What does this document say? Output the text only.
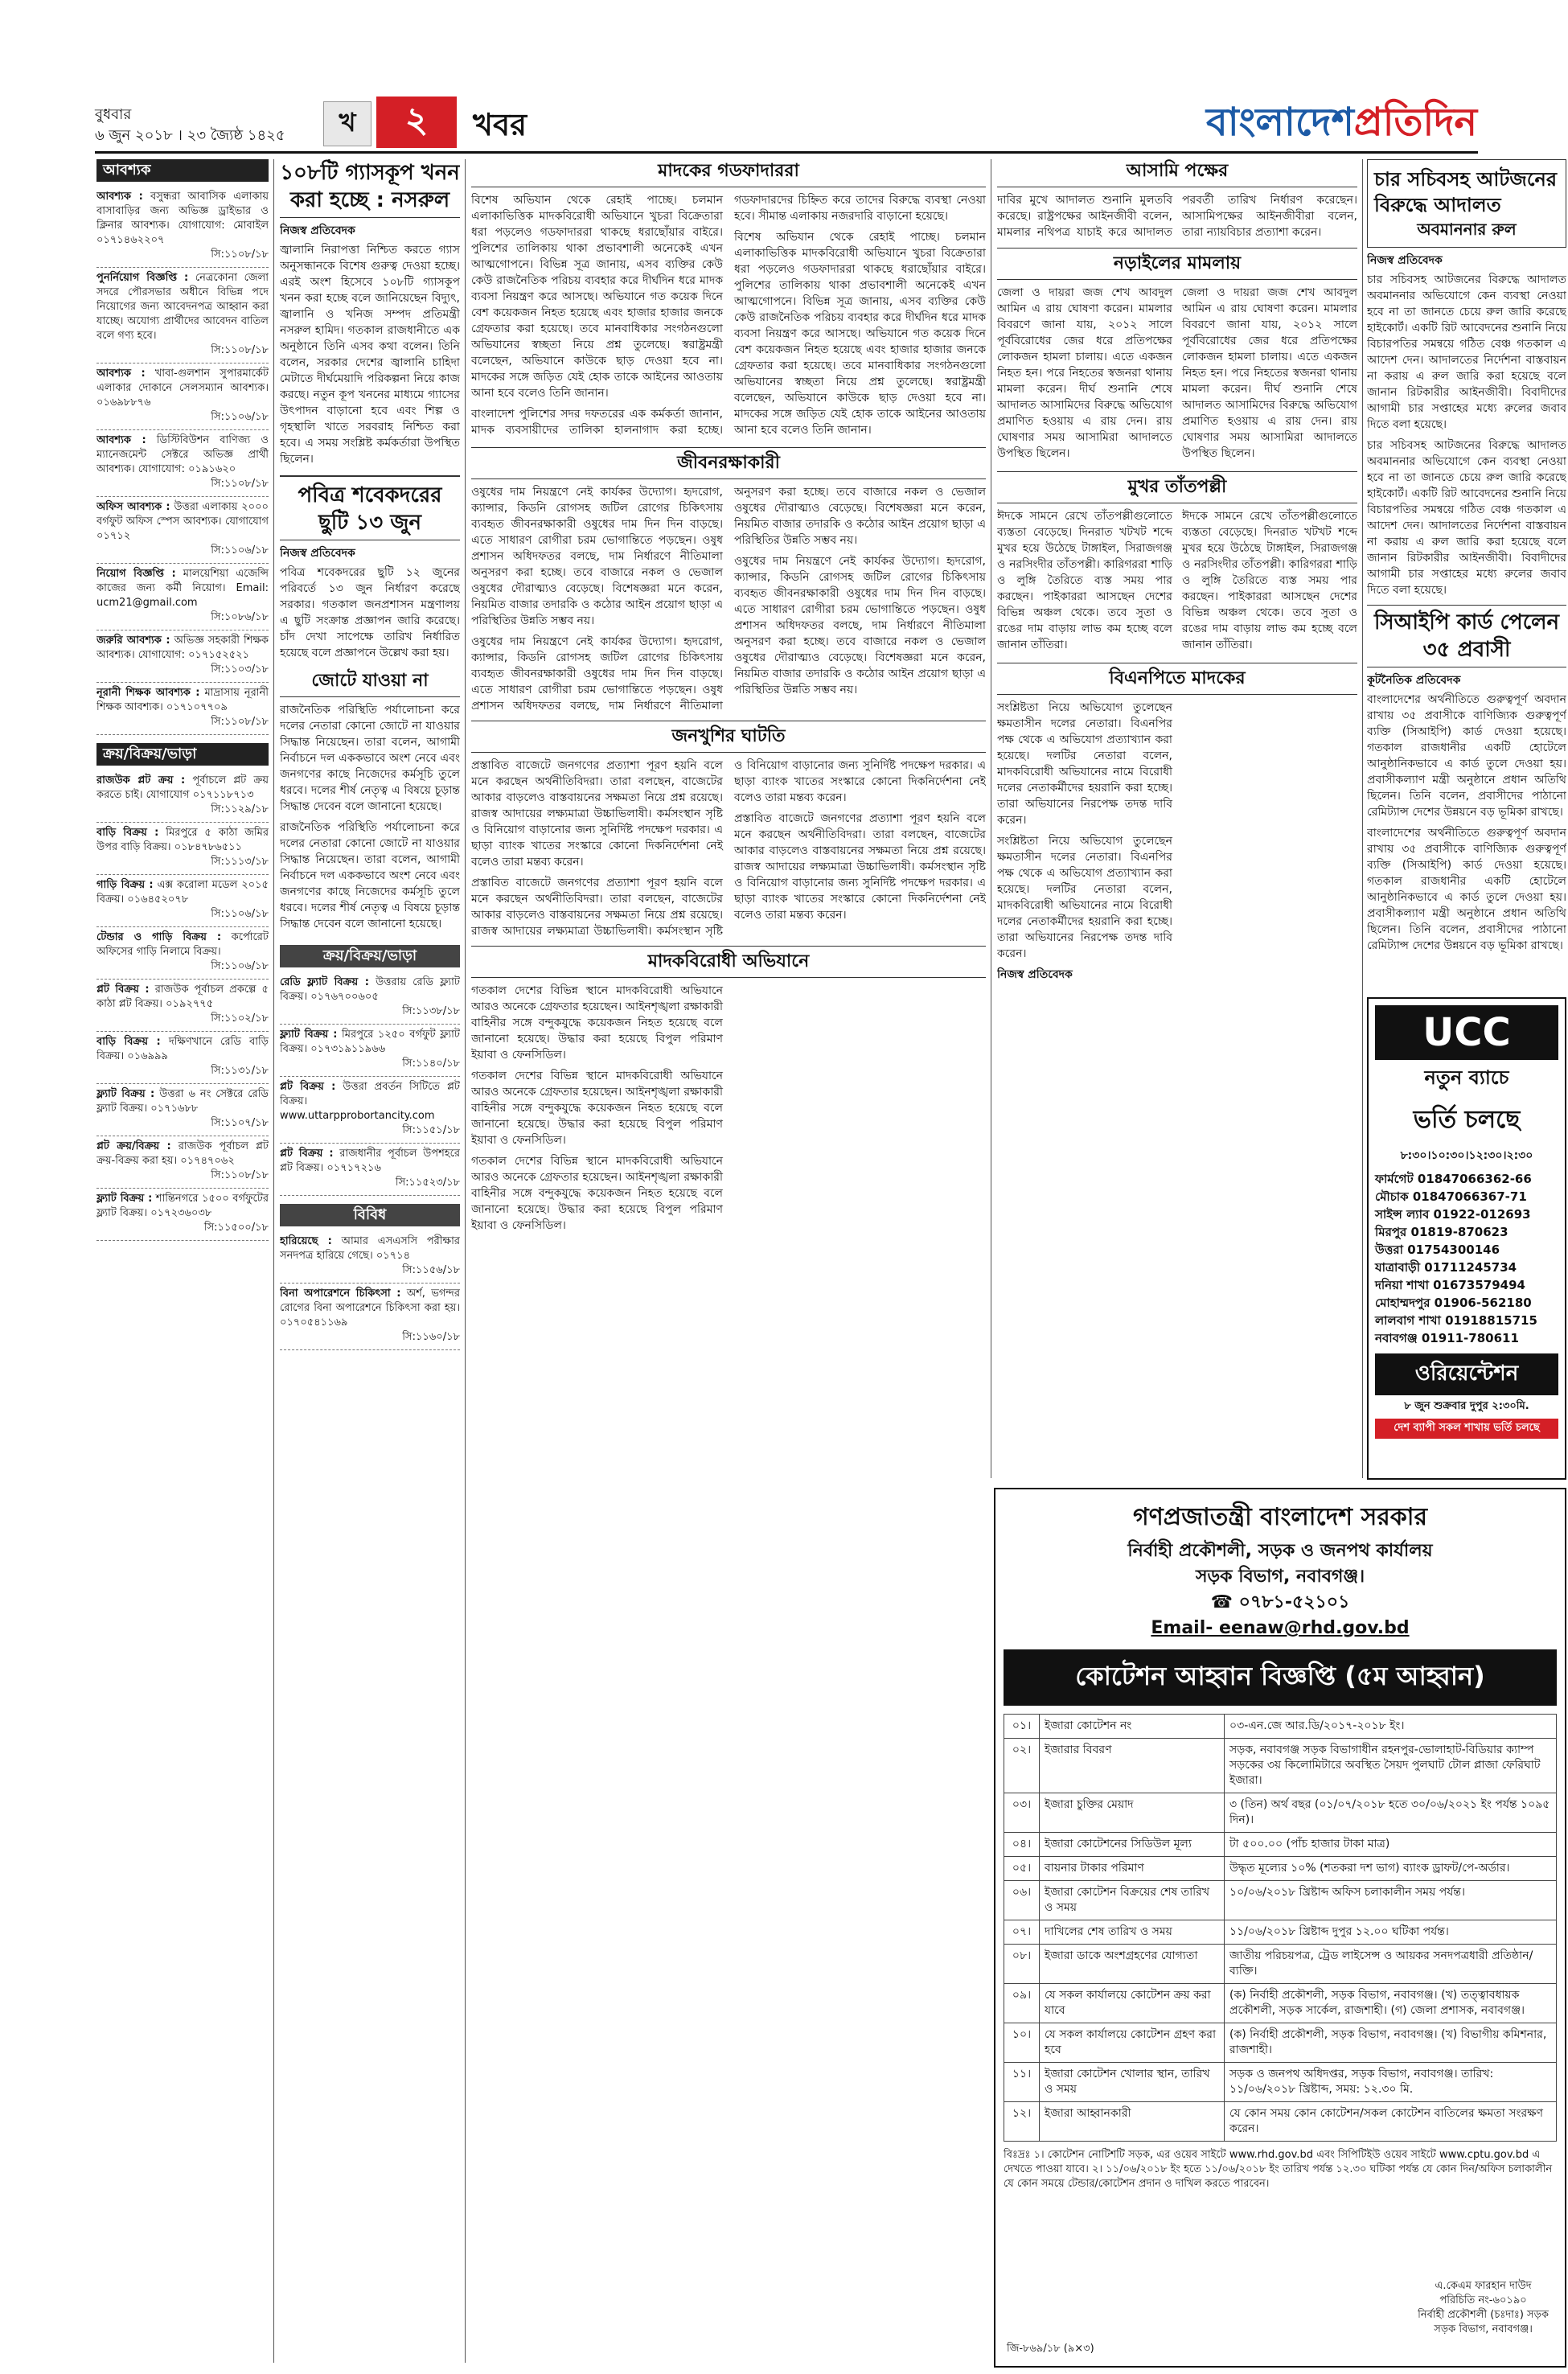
বুধবার
৬ জুন ২০১৮ । ২৩ জ্যৈষ্ঠ ১৪২৫	খ	২	খবর	বাংলাদেশপ্রতিদিন
আবশ্যক
আবশ্যক : বসুন্ধরা আবাসিক এলাকায় বাসাবাড়ির জন্য অভিজ্ঞ ড্রাইভার ও ক্লিনার আবশ্যক। যোগাযোগ: মোবাইল ০১৭১৪৬২২০৭
সি:১১০৮/১৮
পুনর্নিয়োগ বিজ্ঞপ্তি : নেত্রকোনা জেলা সদরে পৌরসভার অধীনে বিভিন্ন পদে নিয়োগের জন্য আবেদনপত্র আহ্বান করা যাচ্ছে। অযোগ্য প্রার্থীদের আবেদন বাতিল বলে গণ্য হবে।
সি:১১০৮/১৮
আবশ্যক : খাবা-গুলশান সুপারমার্কেট এলাকার দোকানে সেলসম্যান আবশ্যক। ০১৬৯৮৮৭৬
সি:১১০৬/১৮
আবশ্যক : ডিস্টিবিউশন বাণিজ্য ও ম্যানেজমেন্ট সেক্টরে অভিজ্ঞ প্রার্থী আবশ্যক। যোগাযোগ: ০১৯১৬২০
সি:১১০৮/১৮
অফিস আবশ্যক : উত্তরা এলাকায় ২০০০ বর্গফুট অফিস স্পেস আবশ্যক। যোগাযোগ ০১৭১২
সি:১১০৬/১৮
নিয়োগ বিজ্ঞপ্তি : মালয়েশিয়া এজেন্সি কাজের জন্য কর্মী নিয়োগ। Email: ucm21@gmail.com
সি:১০৮৬/১৮
জরুরি আবশ্যক : অভিজ্ঞ সহকারী শিক্ষক আবশ্যক। যোগাযোগ: ০১৭১৫২৫২১
সি:১১০৩/১৮
নূরানী শিক্ষক আবশ্যক : মাদ্রাসায় নূরানী শিক্ষক আবশ্যক। ০১৭১০৭৭০৯
সি:১১০৮/১৮
ক্রয়/বিক্রয়/ভাড়া
রাজউক প্লট ক্রয় : পূর্বাচলে প্লট ক্রয় করতে চাই। যোগাযোগ ০১৭১১৮৭১৩
সি:১১২৯/১৮
বাড়ি বিক্রয় : মিরপুরে ৫ কাঠা জমির উপর বাড়ি বিক্রয়। ০১৮৪৭৮৬৫১১
সি:১১১৩/১৮
গাড়ি বিক্রয় : এক্স করোলা মডেল ২০১৫ বিক্রয়। ০১৬৪৫২০৭৮
সি:১১০৬/১৮
টেন্ডার ও গাড়ি বিক্রয় : কর্পোরেট অফিসের গাড়ি নিলামে বিক্রয়।
সি:১১০৬/১৮
প্লট বিক্রয় : রাজউক পূর্বাচল প্রকল্পে ৫ কাঠা প্লট বিক্রয়। ০১৯২৭৭৫
সি:১১০২/১৮
বাড়ি বিক্রয় : দক্ষিণখানে রেডি বাড়ি বিক্রয়। ০১৬৯৯৯
সি:১১৩১/১৮
ফ্ল্যাট বিক্রয় : উত্তরা ৬ নং সেক্টরে রেডি ফ্ল্যাট বিক্রয়। ০১৭১৬৮৮
সি:১১০৭/১৮
প্লট ক্রয়/বিক্রয় : রাজউক পূর্বাচল প্লট ক্রয়-বিক্রয় করা হয়। ০১৭৪৭০৬২
সি:১১০৮/১৮
ফ্ল্যাট বিক্রয় : শান্তিনগরে ১৫০০ বর্গফুটের ফ্ল্যাট বিক্রয়। ০১৭২৩৬০৩৮
সি:১১৫০০/১৮
১০৮টি গ্যাসকূপ খনন করা হচ্ছে : নসরুল
নিজস্ব প্রতিবেদক

জ্বালানি নিরাপত্তা নিশ্চিত করতে গ্যাস অনুসন্ধানকে বিশেষ গুরুত্ব দেওয়া হচ্ছে। এরই অংশ হিসেবে ১০৮টি গ্যাসকূপ খনন করা হচ্ছে বলে জানিয়েছেন বিদ্যুৎ, জ্বালানি ও খনিজ সম্পদ প্রতিমন্ত্রী নসরুল হামিদ। গতকাল রাজধানীতে এক অনুষ্ঠানে তিনি এসব কথা বলেন। তিনি বলেন, সরকার দেশের জ্বালানি চাহিদা মেটাতে দীর্ঘমেয়াদি পরিকল্পনা নিয়ে কাজ করছে। নতুন কূপ খননের মাধ্যমে গ্যাসের উৎপাদন বাড়ানো হবে এবং শিল্প ও গৃহস্থালি খাতে সরবরাহ নিশ্চিত করা হবে। এ সময় সংশ্লিষ্ট কর্মকর্তারা উপস্থিত ছিলেন।

পবিত্র শবেকদরের ছুটি ১৩ জুন
নিজস্ব প্রতিবেদক

পবিত্র শবেকদরের ছুটি ১২ জুনের পরিবর্তে ১৩ জুন নির্ধারণ করেছে সরকার। গতকাল জনপ্রশাসন মন্ত্রণালয় এ ছুটি সংক্রান্ত প্রজ্ঞাপন জারি করেছে। চাঁদ দেখা সাপেক্ষে তারিখ নির্ধারিত হয়েছে বলে প্রজ্ঞাপনে উল্লেখ করা হয়।

জোটে যাওয়া না

রাজনৈতিক পরিস্থিতি পর্যালোচনা করে দলের নেতারা কোনো জোটে না যাওয়ার সিদ্ধান্ত নিয়েছেন। তারা বলেন, আগামী নির্বাচনে দল এককভাবে অংশ নেবে এবং জনগণের কাছে নিজেদের কর্মসূচি তুলে ধরবে। দলের শীর্ষ নেতৃত্ব এ বিষয়ে চূড়ান্ত সিদ্ধান্ত দেবেন বলে জানানো হয়েছে।

রাজনৈতিক পরিস্থিতি পর্যালোচনা করে দলের নেতারা কোনো জোটে না যাওয়ার সিদ্ধান্ত নিয়েছেন। তারা বলেন, আগামী নির্বাচনে দল এককভাবে অংশ নেবে এবং জনগণের কাছে নিজেদের কর্মসূচি তুলে ধরবে। দলের শীর্ষ নেতৃত্ব এ বিষয়ে চূড়ান্ত সিদ্ধান্ত দেবেন বলে জানানো হয়েছে।

ক্রয়/বিক্রয়/ভাড়া
রেডি ফ্ল্যাট বিক্রয় : উত্তরায় রেডি ফ্ল্যাট বিক্রয়। ০১৭৬৭০০৬০৫
সি:১১৩৮/১৮
ফ্ল্যাট বিক্রয় : মিরপুরে ১২৫০ বর্গফুট ফ্ল্যাট বিক্রয়। ০১৭৩১৯১১৯৬৬
সি:১১৪০/১৮
প্লট বিক্রয় : উত্তরা প্রবর্তন সিটিতে প্লট বিক্রয়। www.uttarpprobortancity.com
সি:১১৫১/১৮
প্লট বিক্রয় : রাজধানীর পূর্বাচল উপশহরে প্লট বিক্রয়। ০১৭১৭২১৬
সি:১১৫২৩/১৮
বিবিধ
হারিয়েছে : আমার এসএসসি পরীক্ষার সনদপত্র হারিয়ে গেছে। ০১৭১৪
সি:১১৫৬/১৮
বিনা অপারেশনে চিকিৎসা : অর্শ, ভগন্দর রোগের বিনা অপারেশনে চিকিৎসা করা হয়। ০১৭০৫৪১১৬৯
সি:১১৬০/১৮
মাদকের গডফাদাররা

বিশেষ অভিযান থেকে রেহাই পাচ্ছে। চলমান এলাকাভিত্তিক মাদকবিরোধী অভিযানে খুচরা বিক্রেতারা ধরা পড়লেও গডফাদাররা থাকছে ধরাছোঁয়ার বাইরে। পুলিশের তালিকায় থাকা প্রভাবশালী অনেকেই এখন আত্মগোপনে। বিভিন্ন সূত্র জানায়, এসব ব্যক্তির কেউ কেউ রাজনৈতিক পরিচয় ব্যবহার করে দীর্ঘদিন ধরে মাদক ব্যবসা নিয়ন্ত্রণ করে আসছে। অভিযানে গত কয়েক দিনে বেশ কয়েকজন নিহত হয়েছে এবং হাজার হাজার জনকে গ্রেফতার করা হয়েছে। তবে মানবাধিকার সংগঠনগুলো অভিযানের স্বচ্ছতা নিয়ে প্রশ্ন তুলেছে। স্বরাষ্ট্রমন্ত্রী বলেছেন, অভিযানে কাউকে ছাড় দেওয়া হবে না। মাদকের সঙ্গে জড়িত যেই হোক তাকে আইনের আওতায় আনা হবে বলেও তিনি জানান।

বাংলাদেশ পুলিশের সদর দফতরের এক কর্মকর্তা জানান, মাদক ব্যবসায়ীদের তালিকা হালনাগাদ করা হচ্ছে। গডফাদারদের চিহ্নিত করে তাদের বিরুদ্ধে ব্যবস্থা নেওয়া হবে। সীমান্ত এলাকায় নজরদারি বাড়ানো হয়েছে।

বিশেষ অভিযান থেকে রেহাই পাচ্ছে। চলমান এলাকাভিত্তিক মাদকবিরোধী অভিযানে খুচরা বিক্রেতারা ধরা পড়লেও গডফাদাররা থাকছে ধরাছোঁয়ার বাইরে। পুলিশের তালিকায় থাকা প্রভাবশালী অনেকেই এখন আত্মগোপনে। বিভিন্ন সূত্র জানায়, এসব ব্যক্তির কেউ কেউ রাজনৈতিক পরিচয় ব্যবহার করে দীর্ঘদিন ধরে মাদক ব্যবসা নিয়ন্ত্রণ করে আসছে। অভিযানে গত কয়েক দিনে বেশ কয়েকজন নিহত হয়েছে এবং হাজার হাজার জনকে গ্রেফতার করা হয়েছে। তবে মানবাধিকার সংগঠনগুলো অভিযানের স্বচ্ছতা নিয়ে প্রশ্ন তুলেছে। স্বরাষ্ট্রমন্ত্রী বলেছেন, অভিযানে কাউকে ছাড় দেওয়া হবে না। মাদকের সঙ্গে জড়িত যেই হোক তাকে আইনের আওতায় আনা হবে বলেও তিনি জানান।

জীবনরক্ষাকারী

ওষুধের দাম নিয়ন্ত্রণে নেই কার্যকর উদ্যোগ। হৃদরোগ, ক্যান্সার, কিডনি রোগসহ জটিল রোগের চিকিৎসায় ব্যবহৃত জীবনরক্ষাকারী ওষুধের দাম দিন দিন বাড়ছে। এতে সাধারণ রোগীরা চরম ভোগান্তিতে পড়ছেন। ওষুধ প্রশাসন অধিদফতর বলছে, দাম নির্ধারণে নীতিমালা অনুসরণ করা হচ্ছে। তবে বাজারে নকল ও ভেজাল ওষুধের দৌরাত্ম্যও বেড়েছে। বিশেষজ্ঞরা মনে করেন, নিয়মিত বাজার তদারকি ও কঠোর আইন প্রয়োগ ছাড়া এ পরিস্থিতির উন্নতি সম্ভব নয়।

ওষুধের দাম নিয়ন্ত্রণে নেই কার্যকর উদ্যোগ। হৃদরোগ, ক্যান্সার, কিডনি রোগসহ জটিল রোগের চিকিৎসায় ব্যবহৃত জীবনরক্ষাকারী ওষুধের দাম দিন দিন বাড়ছে। এতে সাধারণ রোগীরা চরম ভোগান্তিতে পড়ছেন। ওষুধ প্রশাসন অধিদফতর বলছে, দাম নির্ধারণে নীতিমালা অনুসরণ করা হচ্ছে। তবে বাজারে নকল ও ভেজাল ওষুধের দৌরাত্ম্যও বেড়েছে। বিশেষজ্ঞরা মনে করেন, নিয়মিত বাজার তদারকি ও কঠোর আইন প্রয়োগ ছাড়া এ পরিস্থিতির উন্নতি সম্ভব নয়।

ওষুধের দাম নিয়ন্ত্রণে নেই কার্যকর উদ্যোগ। হৃদরোগ, ক্যান্সার, কিডনি রোগসহ জটিল রোগের চিকিৎসায় ব্যবহৃত জীবনরক্ষাকারী ওষুধের দাম দিন দিন বাড়ছে। এতে সাধারণ রোগীরা চরম ভোগান্তিতে পড়ছেন। ওষুধ প্রশাসন অধিদফতর বলছে, দাম নির্ধারণে নীতিমালা অনুসরণ করা হচ্ছে। তবে বাজারে নকল ও ভেজাল ওষুধের দৌরাত্ম্যও বেড়েছে। বিশেষজ্ঞরা মনে করেন, নিয়মিত বাজার তদারকি ও কঠোর আইন প্রয়োগ ছাড়া এ পরিস্থিতির উন্নতি সম্ভব নয়।

জনখুশির ঘাটতি

প্রস্তাবিত বাজেটে জনগণের প্রত্যাশা পূরণ হয়নি বলে মনে করছেন অর্থনীতিবিদরা। তারা বলছেন, বাজেটের আকার বাড়লেও বাস্তবায়নের সক্ষমতা নিয়ে প্রশ্ন রয়েছে। রাজস্ব আদায়ের লক্ষ্যমাত্রা উচ্চাভিলাষী। কর্মসংস্থান সৃষ্টি ও বিনিয়োগ বাড়ানোর জন্য সুনির্দিষ্ট পদক্ষেপ দরকার। এ ছাড়া ব্যাংক খাতের সংস্কারে কোনো দিকনির্দেশনা নেই বলেও তারা মন্তব্য করেন।

প্রস্তাবিত বাজেটে জনগণের প্রত্যাশা পূরণ হয়নি বলে মনে করছেন অর্থনীতিবিদরা। তারা বলছেন, বাজেটের আকার বাড়লেও বাস্তবায়নের সক্ষমতা নিয়ে প্রশ্ন রয়েছে। রাজস্ব আদায়ের লক্ষ্যমাত্রা উচ্চাভিলাষী। কর্মসংস্থান সৃষ্টি ও বিনিয়োগ বাড়ানোর জন্য সুনির্দিষ্ট পদক্ষেপ দরকার। এ ছাড়া ব্যাংক খাতের সংস্কারে কোনো দিকনির্দেশনা নেই বলেও তারা মন্তব্য করেন।

প্রস্তাবিত বাজেটে জনগণের প্রত্যাশা পূরণ হয়নি বলে মনে করছেন অর্থনীতিবিদরা। তারা বলছেন, বাজেটের আকার বাড়লেও বাস্তবায়নের সক্ষমতা নিয়ে প্রশ্ন রয়েছে। রাজস্ব আদায়ের লক্ষ্যমাত্রা উচ্চাভিলাষী। কর্মসংস্থান সৃষ্টি ও বিনিয়োগ বাড়ানোর জন্য সুনির্দিষ্ট পদক্ষেপ দরকার। এ ছাড়া ব্যাংক খাতের সংস্কারে কোনো দিকনির্দেশনা নেই বলেও তারা মন্তব্য করেন।

মাদকবিরোধী অভিযানে

গতকাল দেশের বিভিন্ন স্থানে মাদকবিরোধী অভিযানে আরও অনেকে গ্রেফতার হয়েছেন। আইনশৃঙ্খলা রক্ষাকারী বাহিনীর সঙ্গে বন্দুকযুদ্ধে কয়েকজন নিহত হয়েছে বলে জানানো হয়েছে। উদ্ধার করা হয়েছে বিপুল পরিমাণ ইয়াবা ও ফেনসিডিল।

গতকাল দেশের বিভিন্ন স্থানে মাদকবিরোধী অভিযানে আরও অনেকে গ্রেফতার হয়েছেন। আইনশৃঙ্খলা রক্ষাকারী বাহিনীর সঙ্গে বন্দুকযুদ্ধে কয়েকজন নিহত হয়েছে বলে জানানো হয়েছে। উদ্ধার করা হয়েছে বিপুল পরিমাণ ইয়াবা ও ফেনসিডিল।

গতকাল দেশের বিভিন্ন স্থানে মাদকবিরোধী অভিযানে আরও অনেকে গ্রেফতার হয়েছেন। আইনশৃঙ্খলা রক্ষাকারী বাহিনীর সঙ্গে বন্দুকযুদ্ধে কয়েকজন নিহত হয়েছে বলে জানানো হয়েছে। উদ্ধার করা হয়েছে বিপুল পরিমাণ ইয়াবা ও ফেনসিডিল।

আসামি পক্ষের

দাবির মুখে আদালত শুনানি মুলতবি করেছে। রাষ্ট্রপক্ষের আইনজীবী বলেন, মামলার নথিপত্র যাচাই করে আদালত পরবর্তী তারিখ নির্ধারণ করেছেন। আসামিপক্ষের আইনজীবীরা বলেন, তারা ন্যায়বিচার প্রত্যাশা করেন।

নড়াইলের মামলায়

জেলা ও দায়রা জজ শেখ আবদুল আমিন এ রায় ঘোষণা করেন। মামলার বিবরণে জানা যায়, ২০১২ সালে পূর্ববিরোধের জের ধরে প্রতিপক্ষের লোকজন হামলা চালায়। এতে একজন নিহত হন। পরে নিহতের স্বজনরা থানায় মামলা করেন। দীর্ঘ শুনানি শেষে আদালত আসামিদের বিরুদ্ধে অভিযোগ প্রমাণিত হওয়ায় এ রায় দেন। রায় ঘোষণার সময় আসামিরা আদালতে উপস্থিত ছিলেন।

জেলা ও দায়রা জজ শেখ আবদুল আমিন এ রায় ঘোষণা করেন। মামলার বিবরণে জানা যায়, ২০১২ সালে পূর্ববিরোধের জের ধরে প্রতিপক্ষের লোকজন হামলা চালায়। এতে একজন নিহত হন। পরে নিহতের স্বজনরা থানায় মামলা করেন। দীর্ঘ শুনানি শেষে আদালত আসামিদের বিরুদ্ধে অভিযোগ প্রমাণিত হওয়ায় এ রায় দেন। রায় ঘোষণার সময় আসামিরা আদালতে উপস্থিত ছিলেন।

মুখর তাঁতপল্লী

ঈদকে সামনে রেখে তাঁতপল্লীগুলোতে ব্যস্ততা বেড়েছে। দিনরাত খটখট শব্দে মুখর হয়ে উঠেছে টাঙ্গাইল, সিরাজগঞ্জ ও নরসিংদীর তাঁতপল্লী। কারিগররা শাড়ি ও লুঙ্গি তৈরিতে ব্যস্ত সময় পার করছেন। পাইকাররা আসছেন দেশের বিভিন্ন অঞ্চল থেকে। তবে সুতা ও রঙের দাম বাড়ায় লাভ কম হচ্ছে বলে জানান তাঁতিরা।

ঈদকে সামনে রেখে তাঁতপল্লীগুলোতে ব্যস্ততা বেড়েছে। দিনরাত খটখট শব্দে মুখর হয়ে উঠেছে টাঙ্গাইল, সিরাজগঞ্জ ও নরসিংদীর তাঁতপল্লী। কারিগররা শাড়ি ও লুঙ্গি তৈরিতে ব্যস্ত সময় পার করছেন। পাইকাররা আসছেন দেশের বিভিন্ন অঞ্চল থেকে। তবে সুতা ও রঙের দাম বাড়ায় লাভ কম হচ্ছে বলে জানান তাঁতিরা।

বিএনপিতে মাদকের

সংশ্লিষ্টতা নিয়ে অভিযোগ তুলেছেন ক্ষমতাসীন দলের নেতারা। বিএনপির পক্ষ থেকে এ অভিযোগ প্রত্যাখ্যান করা হয়েছে। দলটির নেতারা বলেন, মাদকবিরোধী অভিযানের নামে বিরোধী দলের নেতাকর্মীদের হয়রানি করা হচ্ছে। তারা অভিযানের নিরপেক্ষ তদন্ত দাবি করেন।

সংশ্লিষ্টতা নিয়ে অভিযোগ তুলেছেন ক্ষমতাসীন দলের নেতারা। বিএনপির পক্ষ থেকে এ অভিযোগ প্রত্যাখ্যান করা হয়েছে। দলটির নেতারা বলেন, মাদকবিরোধী অভিযানের নামে বিরোধী দলের নেতাকর্মীদের হয়রানি করা হচ্ছে। তারা অভিযানের নিরপেক্ষ তদন্ত দাবি করেন।

নিজস্ব প্রতিবেদক
চার সচিবসহ আটজনের
বিরুদ্ধে আদালত
অবমাননার রুল
নিজস্ব প্রতিবেদক

চার সচিবসহ আটজনের বিরুদ্ধে আদালত অবমাননার অভিযোগে কেন ব্যবস্থা নেওয়া হবে না তা জানতে চেয়ে রুল জারি করেছে হাইকোর্ট। একটি রিট আবেদনের শুনানি নিয়ে বিচারপতির সমন্বয়ে গঠিত বেঞ্চ গতকাল এ আদেশ দেন। আদালতের নির্দেশনা বাস্তবায়ন না করায় এ রুল জারি করা হয়েছে বলে জানান রিটকারীর আইনজীবী। বিবাদীদের আগামী চার সপ্তাহের মধ্যে রুলের জবাব দিতে বলা হয়েছে।

চার সচিবসহ আটজনের বিরুদ্ধে আদালত অবমাননার অভিযোগে কেন ব্যবস্থা নেওয়া হবে না তা জানতে চেয়ে রুল জারি করেছে হাইকোর্ট। একটি রিট আবেদনের শুনানি নিয়ে বিচারপতির সমন্বয়ে গঠিত বেঞ্চ গতকাল এ আদেশ দেন। আদালতের নির্দেশনা বাস্তবায়ন না করায় এ রুল জারি করা হয়েছে বলে জানান রিটকারীর আইনজীবী। বিবাদীদের আগামী চার সপ্তাহের মধ্যে রুলের জবাব দিতে বলা হয়েছে।

সিআইপি কার্ড পেলেন ৩৫ প্রবাসী
কূটনৈতিক প্রতিবেদক

বাংলাদেশের অর্থনীতিতে গুরুত্বপূর্ণ অবদান রাখায় ৩৫ প্রবাসীকে বাণিজ্যিক গুরুত্বপূর্ণ ব্যক্তি (সিআইপি) কার্ড দেওয়া হয়েছে। গতকাল রাজধানীর একটি হোটেলে আনুষ্ঠানিকভাবে এ কার্ড তুলে দেওয়া হয়। প্রবাসীকল্যাণ মন্ত্রী অনুষ্ঠানে প্রধান অতিথি ছিলেন। তিনি বলেন, প্রবাসীদের পাঠানো রেমিট্যান্স দেশের উন্নয়নে বড় ভূমিকা রাখছে।

বাংলাদেশের অর্থনীতিতে গুরুত্বপূর্ণ অবদান রাখায় ৩৫ প্রবাসীকে বাণিজ্যিক গুরুত্বপূর্ণ ব্যক্তি (সিআইপি) কার্ড দেওয়া হয়েছে। গতকাল রাজধানীর একটি হোটেলে আনুষ্ঠানিকভাবে এ কার্ড তুলে দেওয়া হয়। প্রবাসীকল্যাণ মন্ত্রী অনুষ্ঠানে প্রধান অতিথি ছিলেন। তিনি বলেন, প্রবাসীদের পাঠানো রেমিট্যান্স দেশের উন্নয়নে বড় ভূমিকা রাখছে।

UCC
নতুন ব্যাচে
ভর্তি চলছে
৮:৩০।১০:৩০।১২:৩০।২:৩০
ফার্মগেট 01847066362-66
মৌচাক 01847066367-71
সাইন্স ল্যাব 01922-012693
মিরপুর 01819-870623
উত্তরা 01754300146
যাত্রাবাড়ী 01711245734
দনিয়া শাখা 01673579494
মোহাম্মদপুর 01906-562180
লালবাগ শাখা 01918815715
নবাবগঞ্জ 01911-780611
ওরিয়েন্টেশন
৮ জুন শুক্রবার দুপুর ২:৩০মি.
দেশ ব্যাপী সকল শাখায় ভর্তি চলছে
গণপ্রজাতন্ত্রী বাংলাদেশ সরকার
নির্বাহী প্রকৌশলী, সড়ক ও জনপথ কার্যালয়
সড়ক বিভাগ, নবাবগঞ্জ।
☎ ০৭৮১-৫২১০১
Email- eenaw@rhd.gov.bd
কোটেশন আহ্বান বিজ্ঞপ্তি (৫ম আহ্বান)
০১।	ইজারা কোটেশন নং	০৩-এন.জে আর.ডি/২০১৭-২০১৮ ইং।
০২।	ইজারার বিবরণ	সড়ক, নবাবগঞ্জ সড়ক বিভাগাধীন রহনপুর-ভোলাহাট-বিডিয়ার ক্যাম্প সড়কের ৩য় কিলোমিটারে অবস্থিত সৈয়দ পুলঘাট টোল প্লাজা ফেরিঘাট ইজারা।
০৩।	ইজারা চুক্তির মেয়াদ	৩ (তিন) অর্থ বছর (০১/০৭/২০১৮ হতে ৩০/০৬/২০২১ ইং পর্যন্ত ১০৯৫ দিন)।
০৪।	ইজারা কোটেশনের সিডিউল মূল্য	টা ৫০০.০০ (পাঁচ হাজার টাকা মাত্র)
০৫।	বায়নার টাকার পরিমাণ	উদ্ধৃত মূল্যের ১০% (শতকরা দশ ভাগ) ব্যাংক ড্রাফট/পে-অর্ডার।
০৬।	ইজারা কোটেশন বিক্রয়ের শেষ তারিখ ও সময়	১০/০৬/২০১৮ খ্রিষ্টাব্দ অফিস চলাকালীন সময় পর্যন্ত।
০৭।	দাখিলের শেষ তারিখ ও সময়	১১/০৬/২০১৮ খ্রিষ্টাব্দ দুপুর ১২.০০ ঘটিকা পর্যন্ত।
০৮।	ইজারা ডাকে অংশগ্রহণের যোগ্যতা	জাতীয় পরিচয়পত্র, ট্রেড লাইসেন্স ও আয়কর সনদপত্রধারী প্রতিষ্ঠান/ব্যক্তি।
০৯।	যে সকল কার্যালয়ে কোটেশন ক্রয় করা যাবে	(ক) নির্বাহী প্রকৌশলী, সড়ক বিভাগ, নবাবগঞ্জ। (খ) তত্ত্বাবধায়ক প্রকৌশলী, সড়ক সার্কেল, রাজশাহী। (গ) জেলা প্রশাসক, নবাবগঞ্জ।
১০।	যে সকল কার্যালয়ে কোটেশন গ্রহণ করা হবে	(ক) নির্বাহী প্রকৌশলী, সড়ক বিভাগ, নবাবগঞ্জ। (খ) বিভাগীয় কমিশনার, রাজশাহী।
১১।	ইজারা কোটেশন খোলার স্থান, তারিখ ও সময়	সড়ক ও জনপথ অধিদপ্তর, সড়ক বিভাগ, নবাবগঞ্জ। তারিখ: ১১/০৬/২০১৮ খ্রিষ্টাব্দ, সময়: ১২.৩০ মি.
১২।	ইজারা আহ্বানকারী	যে কোন সময় কোন কোটেশন/সকল কোটেশন বাতিলের ক্ষমতা সংরক্ষণ করেন।
বিঃদ্রঃ ১। কোটেশন নোটিশটি সড়ক, এর ওয়েব সাইটে www.rhd.gov.bd এবং সিপিটিইউ ওয়েব সাইটে www.cptu.gov.bd এ দেখতে পাওয়া যাবে। ২। ১১/০৬/২০১৮ ইং হতে ১১/০৬/২০১৮ ইং তারিখ পর্যন্ত ১২.৩০ ঘটিকা পর্যন্ত যে কোন দিন/অফিস চলাকালীন যে কোন সময়ে টেন্ডার/কোটেশন প্রদান ও দাখিল করতে পারবেন।
এ.কেএম ফারহান দাউদ
পরিচিতি নং-৬০১৯০
নির্বাহী প্রকৌশলী (চঃদাঃ) সড়ক
সড়ক বিভাগ, নবাবগঞ্জ।
জি-৮৬৯/১৮ (৯×৩)
